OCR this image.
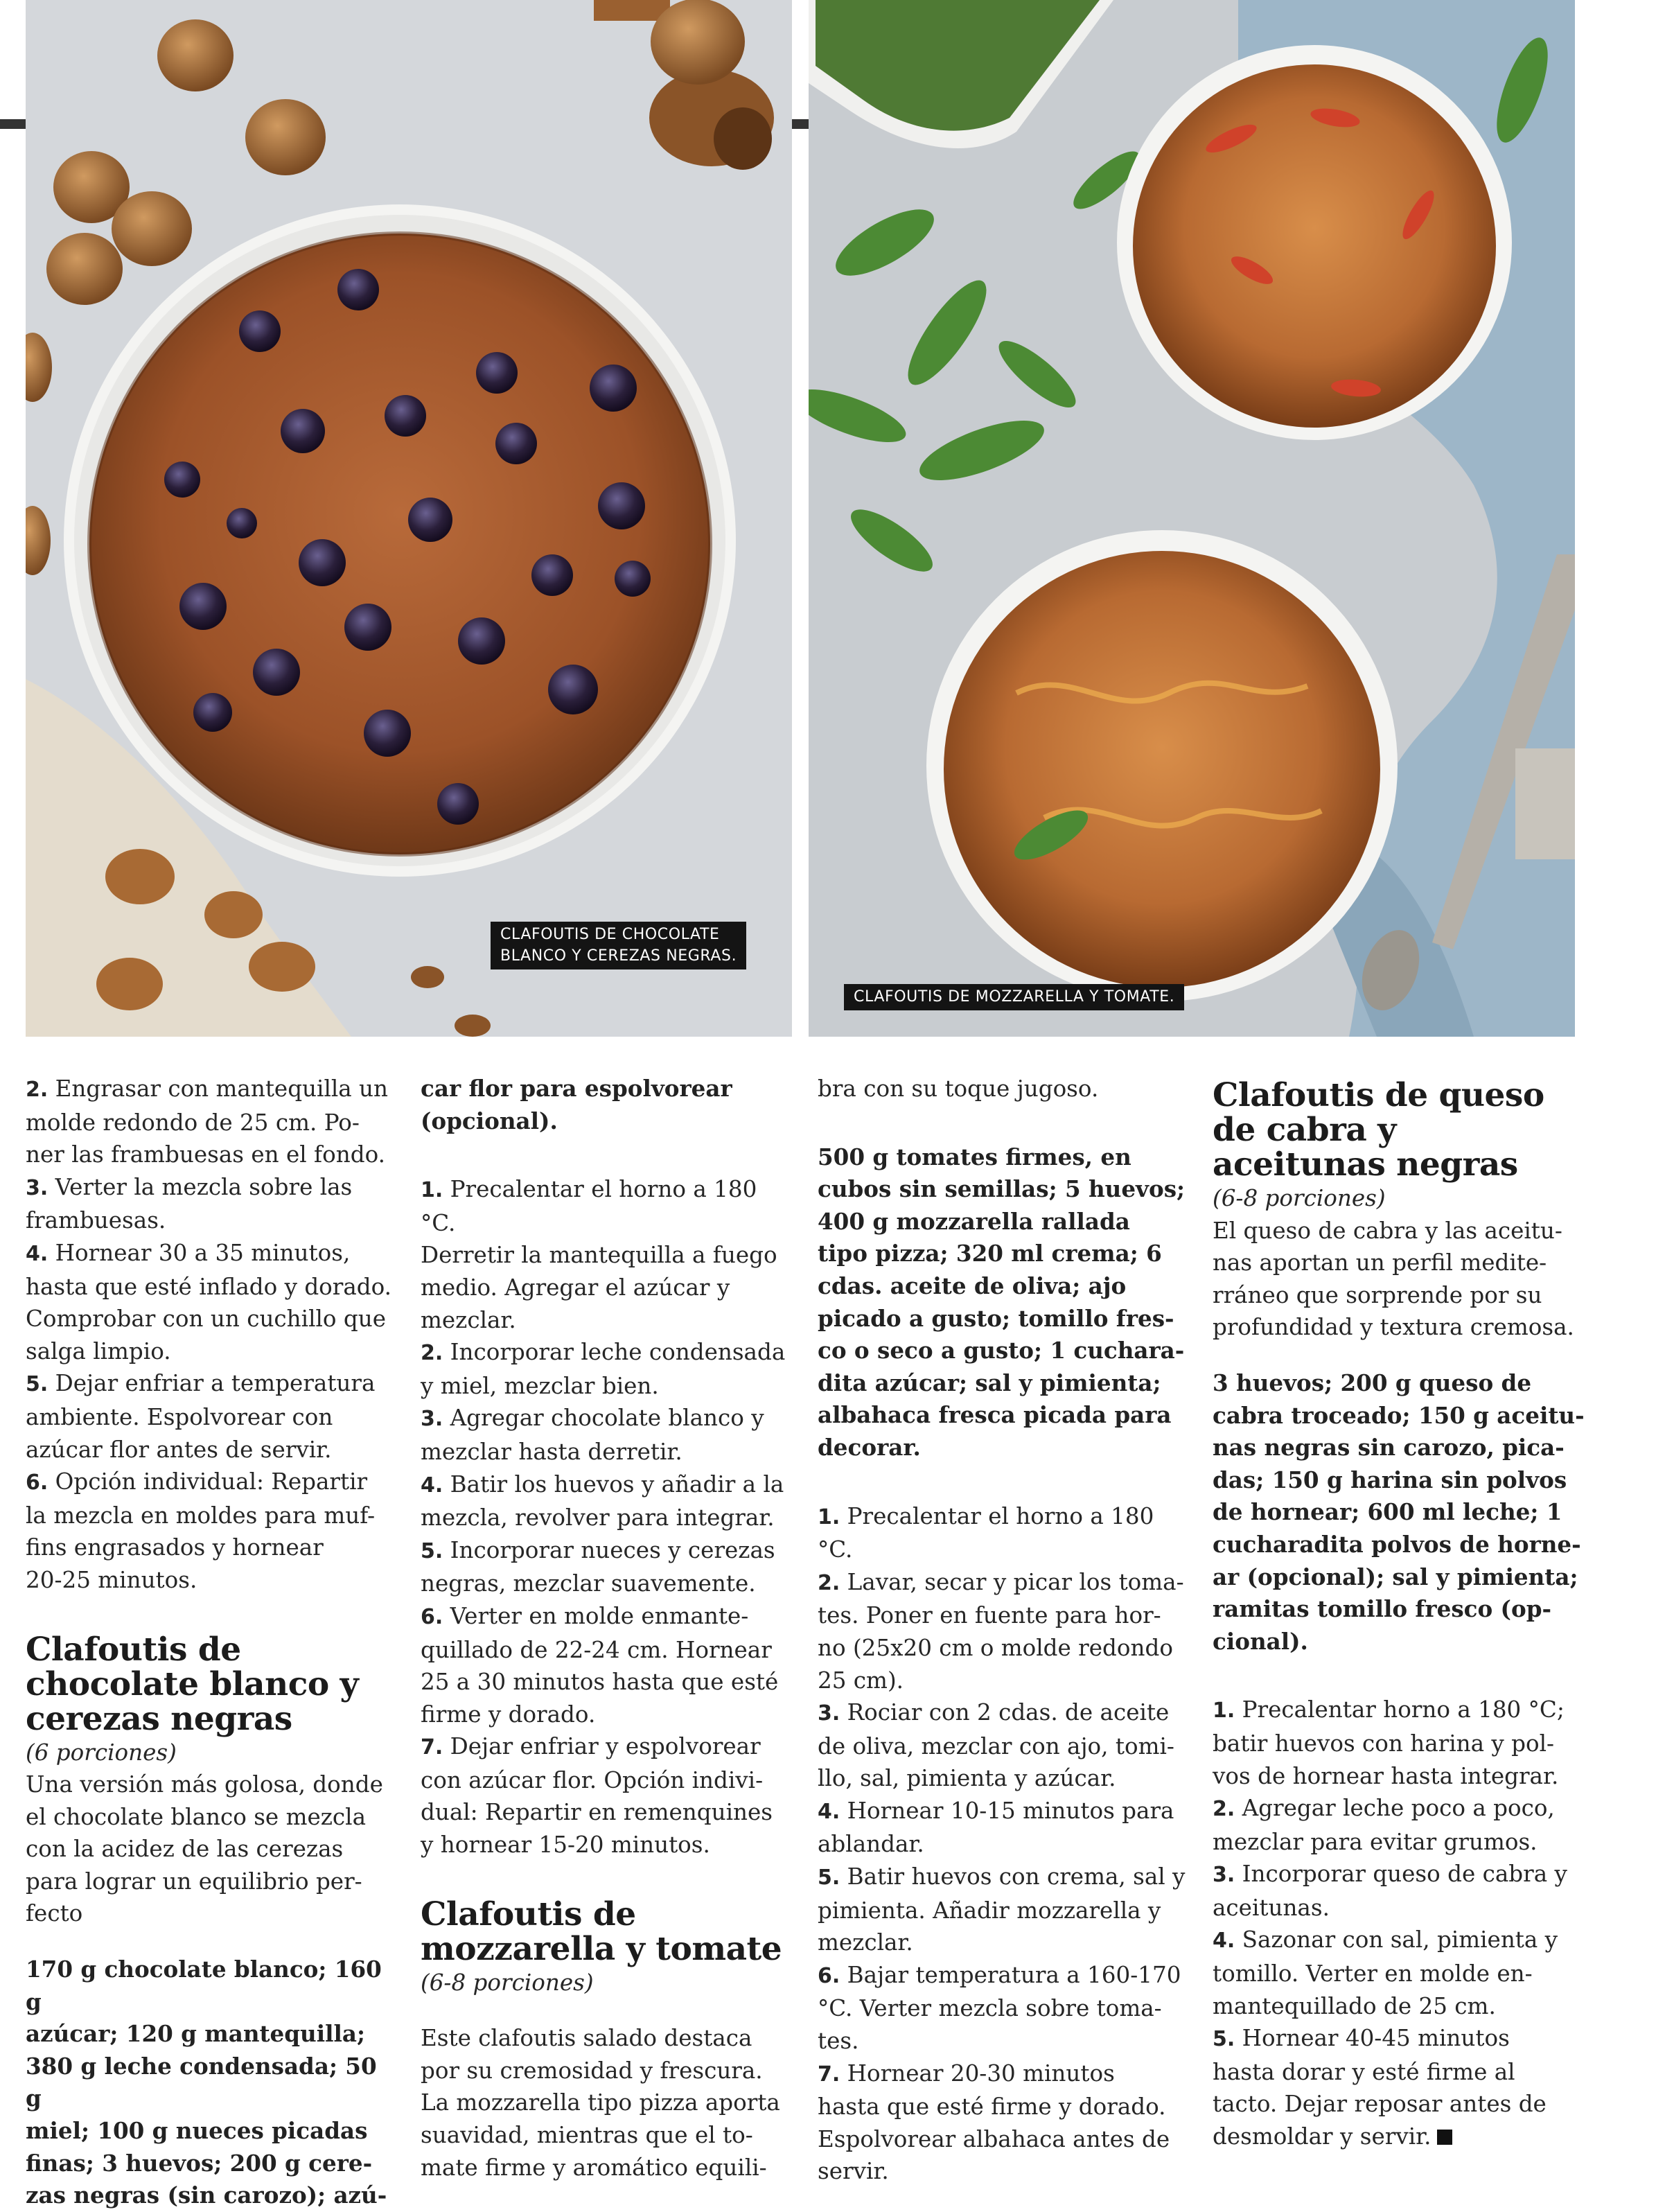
CLAFOUTIS DE CHOCOLATE
BLANCO Y CEREZAS NEGRAS.
CLAFOUTIS DE MOZZARELLA Y TOMATE.

2. Engrasar con mantequilla un
molde redondo de 25 cm. Po-
ner las frambuesas en el fondo.

3. Verter la mezcla sobre las
frambuesas.

4. Hornear 30 a 35 minutos,
hasta que esté inflado y dorado.
Comprobar con un cuchillo que
salga limpio.

5. Dejar enfriar a temperatura
ambiente. Espolvorear con
azúcar flor antes de servir.

6. Opción individual: Repartir
la mezcla en moldes para muf-
fins engrasados y hornear
20-25 minutos.

Clafoutis de
chocolate blanco y
cerezas negras

(6 porciones)

Una versión más golosa, donde
el chocolate blanco se mezcla
con la acidez de las cerezas
para lograr un equilibrio per-
fecto

170 g chocolate blanco; 160 g
azúcar; 120 g mantequilla;
380 g leche condensada; 50 g
miel; 100 g nueces picadas
finas; 3 huevos; 200 g cere-
zas negras (sin carozo); azú-

car flor para espolvorear
(opcional).

1. Precalentar el horno a 180 °C.
Derretir la mantequilla a fuego
medio. Agregar el azúcar y
mezclar.

2. Incorporar leche condensada
y miel, mezclar bien.

3. Agregar chocolate blanco y
mezclar hasta derretir.

4. Batir los huevos y añadir a la
mezcla, revolver para integrar.

5. Incorporar nueces y cerezas
negras, mezclar suavemente.

6. Verter en molde enmante-
quillado de 22-24 cm. Hornear
25 a 30 minutos hasta que esté
firme y dorado.

7. Dejar enfriar y espolvorear
con azúcar flor. Opción indivi-
dual: Repartir en remenquines
y hornear 15-20 minutos.

Clafoutis de
mozzarella y tomate

(6-8 porciones)

Este clafoutis salado destaca
por su cremosidad y frescura.
La mozzarella tipo pizza aporta
suavidad, mientras que el to-
mate firme y aromático equili-

bra con su toque jugoso.

500 g tomates firmes, en
cubos sin semillas; 5 huevos;
400 g mozzarella rallada
tipo pizza; 320 ml crema; 6
cdas. aceite de oliva; ajo
picado a gusto; tomillo fres-
co o seco a gusto; 1 cuchara-
dita azúcar; sal y pimienta;
albahaca fresca picada para
decorar.

1. Precalentar el horno a 180 °C.

2. Lavar, secar y picar los toma-
tes. Poner en fuente para hor-
no (25x20 cm o molde redondo
25 cm).

3. Rociar con 2 cdas. de aceite
de oliva, mezclar con ajo, tomi-
llo, sal, pimienta y azúcar.

4. Hornear 10-15 minutos para
ablandar.

5. Batir huevos con crema, sal y
pimienta. Añadir mozzarella y
mezclar.

6. Bajar temperatura a 160-170
°C. Verter mezcla sobre toma-
tes.

7. Hornear 20-30 minutos
hasta que esté firme y dorado.
Espolvorear albahaca antes de
servir.

Clafoutis de queso
de cabra y
aceitunas negras

(6-8 porciones)

El queso de cabra y las aceitu-
nas aportan un perfil medite-
rráneo que sorprende por su
profundidad y textura cremosa.

3 huevos; 200 g queso de
cabra troceado; 150 g aceitu-
nas negras sin carozo, pica-
das; 150 g harina sin polvos
de hornear; 600 ml leche; 1
cucharadita polvos de horne-
ar (opcional); sal y pimienta;
ramitas tomillo fresco (op-
cional).

1. Precalentar horno a 180 °C;
batir huevos con harina y pol-
vos de hornear hasta integrar.

2. Agregar leche poco a poco,
mezclar para evitar grumos.

3. Incorporar queso de cabra y
aceitunas.

4. Sazonar con sal, pimienta y
tomillo. Verter en molde en-
mantequillado de 25 cm.

5. Hornear 40-45 minutos
hasta dorar y esté firme al
tacto. Dejar reposar antes de
desmoldar y servir.
